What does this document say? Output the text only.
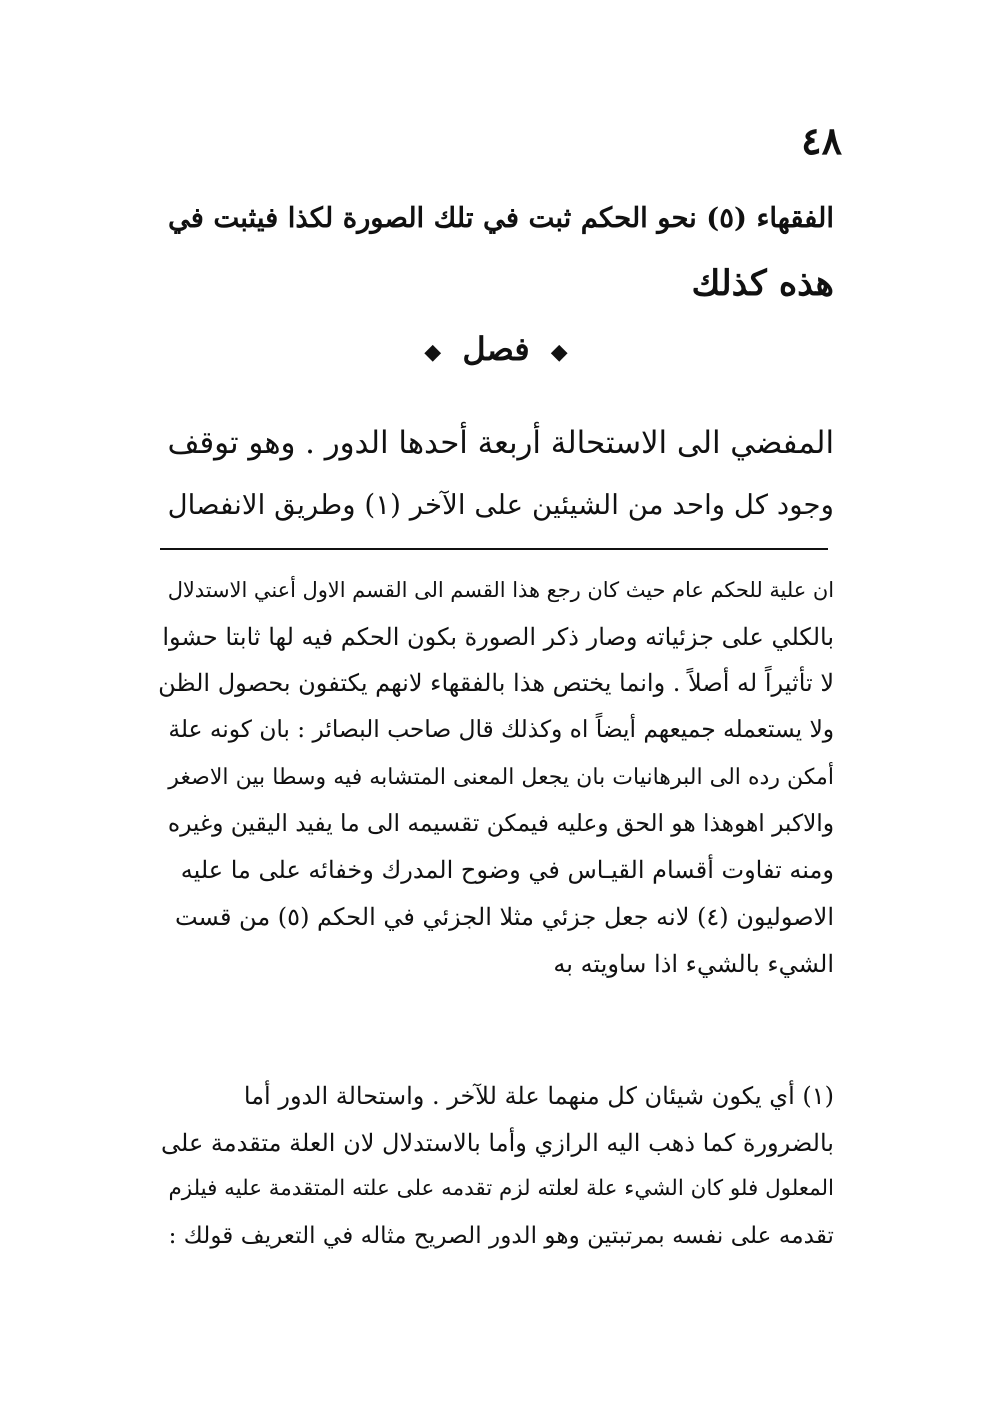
٤٨
الفقهاء (٥) نحو الحكم ثبت في تلك الصورة لكذا فيثبت في
هذه كذلك
◆ فصل ◆
المفضي الى الاستحالة أربعة أحدها الدور . وهو توقف
وجود كل واحد من الشيئين على الآخر (١) وطريق الانفصال
ان علية للحكم عام حيث كان رجع هذا القسم الى القسم الاول أعني الاستدلال
بالكلي على جزئياته وصار ذكر الصورة بكون الحكم فيه لها ثابتا حشوا
لا تأثيراً له أصلاً . وانما يختص هذا بالفقهاء لانهم يكتفون بحصول الظن
ولا يستعمله جميعهم أيضاً اه وكذلك قال صاحب البصائر : بان كونه علة
أمكن رده الى البرهانيات بان يجعل المعنى المتشابه فيه وسطا بين الاصغر
والاكبر اهوهذا هو الحق وعليه فيمكن تقسيمه الى ما يفيد اليقين وغيره
ومنه تفاوت أقسام القيـاس في وضوح المدرك وخفائه على ما عليه
الاصوليون (٤) لانه جعل جزئي مثلا الجزئي في الحكم (٥) من قست
الشيء بالشيء اذا ساويته به
(١) أي يكون شيئان كل منهما علة للآخر . واستحالة الدور أما
بالضرورة كما ذهب اليه الرازي وأما بالاستدلال لان العلة متقدمة على
المعلول فلو كان الشيء علة لعلته لزم تقدمه على علته المتقدمة عليه فيلزم
تقدمه على نفسه بمرتبتين وهو الدور الصريح مثاله في التعريف قولك :
